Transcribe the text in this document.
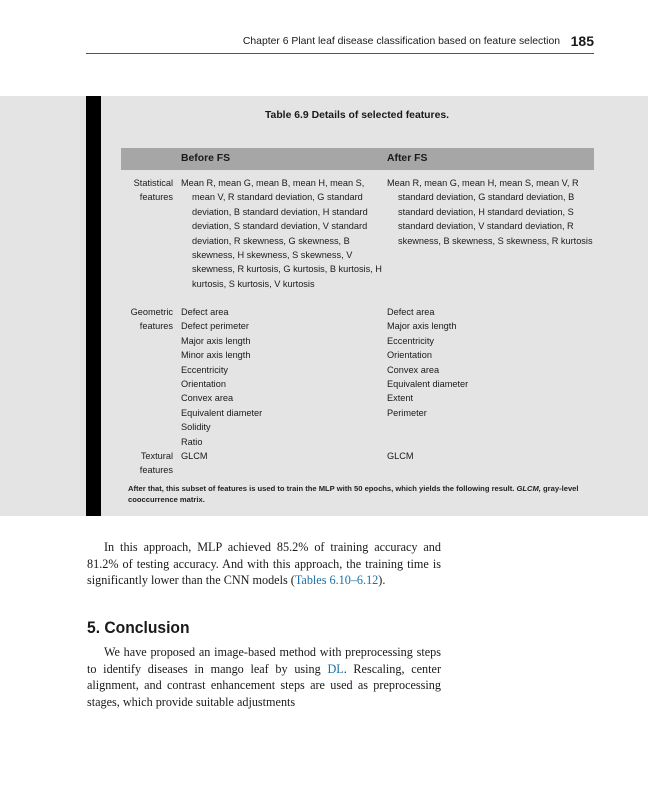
Chapter 6 Plant leaf disease classification based on feature selection 185
Table 6.9 Details of selected features.
Before FS	After FS
Statistical features
Mean R, mean G, mean B, mean H, mean S, mean V, R standard deviation, G standard deviation, B standard deviation, H standard deviation, S standard deviation, V standard deviation, R skewness, G skewness, B skewness, H skewness, S skewness, V skewness, R kurtosis, G kurtosis, B kurtosis, H kurtosis, S kurtosis, V kurtosis
Mean R, mean G, mean H, mean S, mean V, R standard deviation, G standard deviation, B standard deviation, H standard deviation, S standard deviation, V standard deviation, R skewness, B skewness, S skewness, R kurtosis
Geometric features
Defect area
Defect perimeter
Major axis length
Minor axis length
Eccentricity
Orientation
Convex area
Equivalent diameter
Solidity
Ratio
Defect area
Major axis length
Eccentricity
Orientation
Convex area
Equivalent diameter
Extent
Perimeter
Textural features
GLCM	GLCM
After that, this subset of features is used to train the MLP with 50 epochs, which yields the following result. GLCM, gray-level cooccurrence matrix.

In this approach, MLP achieved 85.2% of training accuracy and 81.2% of testing accuracy. And with this approach, the training time is significantly lower than the CNN models (Tables 6.10–6.12).

5. Conclusion

We have proposed an image-based method with preprocessing steps to identify diseases in mango leaf by using DL. Rescaling, center alignment, and contrast enhancement steps are used as preprocessing stages, which provide suitable adjustments
